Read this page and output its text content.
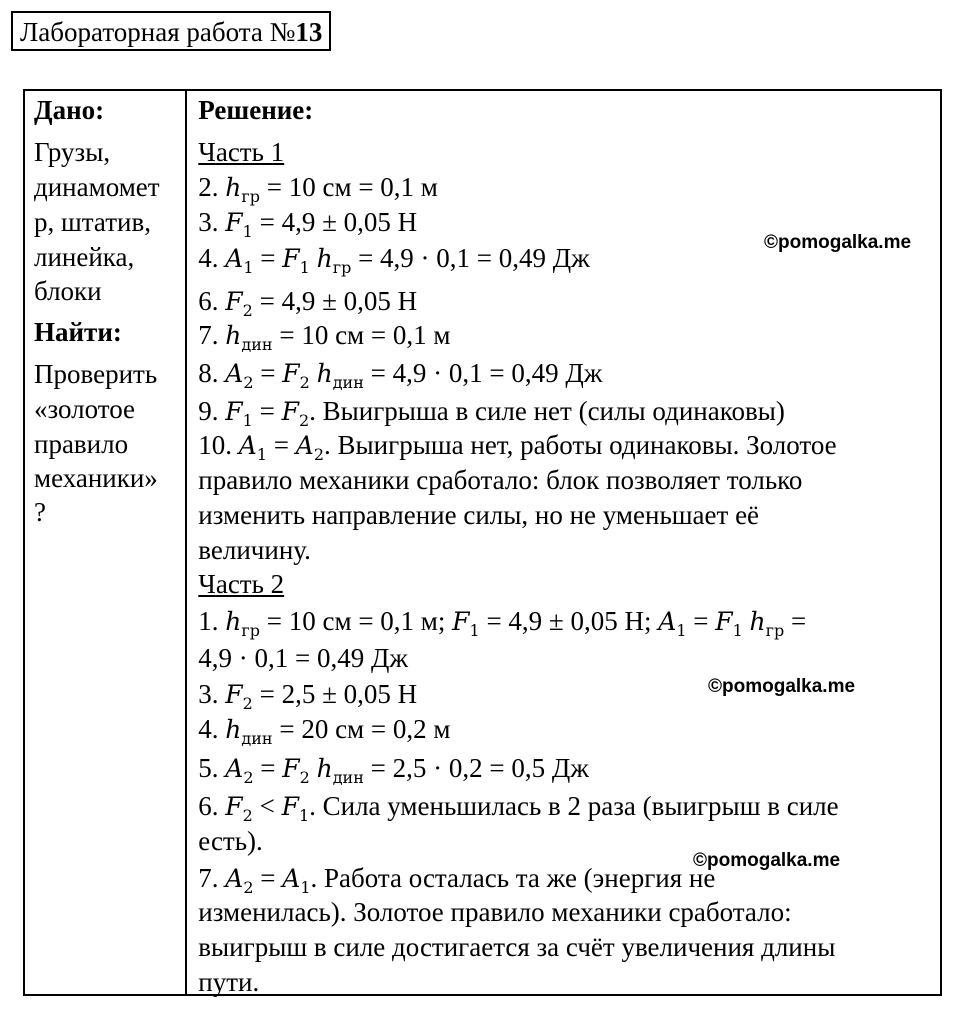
Лабораторная работа №13
Дано:
Грузы,
динамомет
р, штатив,
линейка,
блоки
Найти:
Проверить
«золотое
правило
механики»
?

Решение:
Часть 1
2. $h_{гр} = 10$ см = 0,1 м
3. $F_1 = 4,9 \pm 0,05$ Н
4. $A_1 = F_1$ $h_{гр} = 4,9 \cdot 0,1 = 0,49$ Дж
6. $F_2 = 4,9 \pm 0,05$ Н
7. $h_{дин} = 10$ см = 0,1 м
8. $A_2 = F_2$ $h_{дин} = 4,9 \cdot 0,1 = 0,49$ Дж
9. $F_1 = F_2$. Выигрыша в силе нет (силы одинаковы)
10. $A_1 = A_2$. Выигрыша нет, работы одинаковы. Золотое
правило механики сработало: блок позволяет только
изменить направление силы, но не уменьшает её
величину.
Часть 2
1. $h_{гр} = 10$ см = 0,1 м; $F_1 = 4,9 \pm 0,05$ Н; $A_1 = F_1$ $h_{гр}$ =
4,9 · 0,1 = 0,49 Дж
3. $F_2 = 2,5 \pm 0,05$ Н
4. $h_{дин} = 20$ см = 0,2 м
5. $A_2 = F_2$ $h_{дин} = 2,5 \cdot 0,2 = 0,5$ Дж
6. $F_2 < F_1$. Сила уменьшилась в 2 раза (выигрыш в силе
есть).
7. $A_2 = A_1$. Работа осталась та же (энергия не
изменилась). Золотое правило механики сработало:
выигрыш в силе достигается за счёт увеличения длины
пути.
©pomogalka.me
©pomogalka.me
©pomogalka.me
